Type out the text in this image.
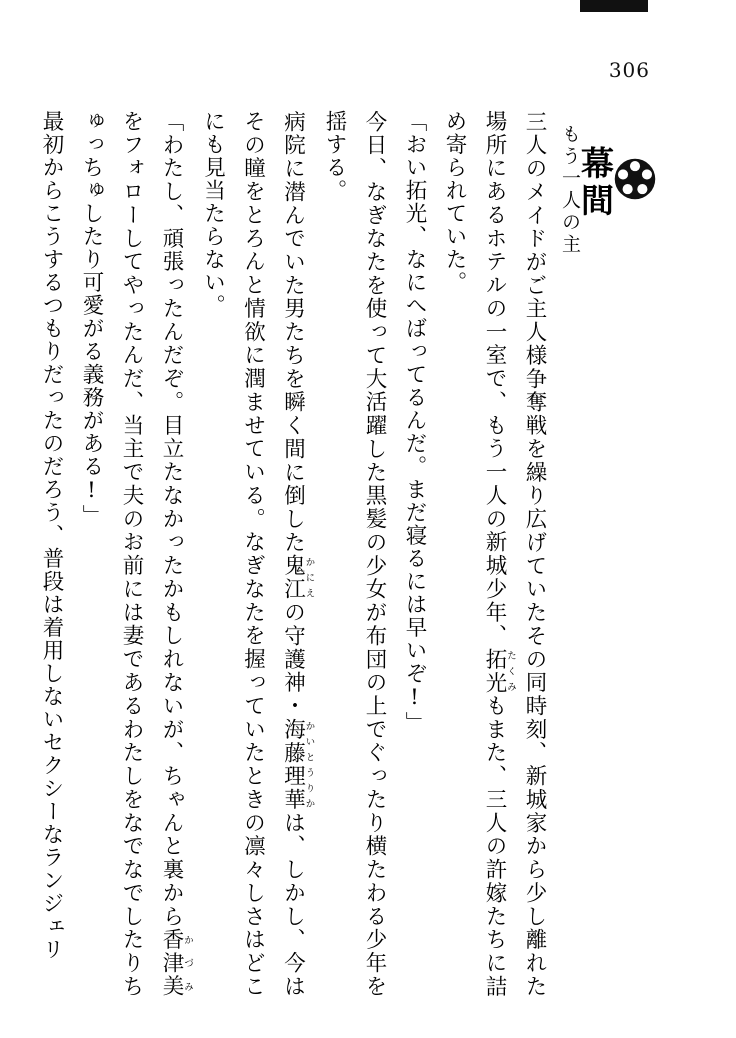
306
幕間
もう一人の主

三人のメイドがご主人様争奪戦を繰り広げていたその同時刻、新城家から少し離れた場所にあるホテルの一室で、もう一人の新城少年、拓光たくみもまた、三人の許嫁たちに詰め寄られていた。

「おい拓光、なにへばってるんだ。まだ寝るには早いぞ!」

今日、なぎなたを使って大活躍した黒髪の少女が布団の上でぐったり横たわる少年を揺する。

病院に潜んでいた男たちを瞬く間に倒した鬼江かにえの守護神・海藤理華かいとうりかは、しかし、今はその瞳をとろんと情欲に潤ませている。なぎなたを握っていたときの凛々しさはどこにも見当たらない。

「わたし、頑張ったんだぞ。目立たなかったかもしれないが、ちゃんと裏から香津美かづみをフォローしてやったんだ、当主で夫のお前には妻であるわたしをなでなでしたりちゅっちゅしたり可愛がる義務がある!」

最初からこうするつもりだったのだろう、普段は着用しないセクシーなランジェリ
